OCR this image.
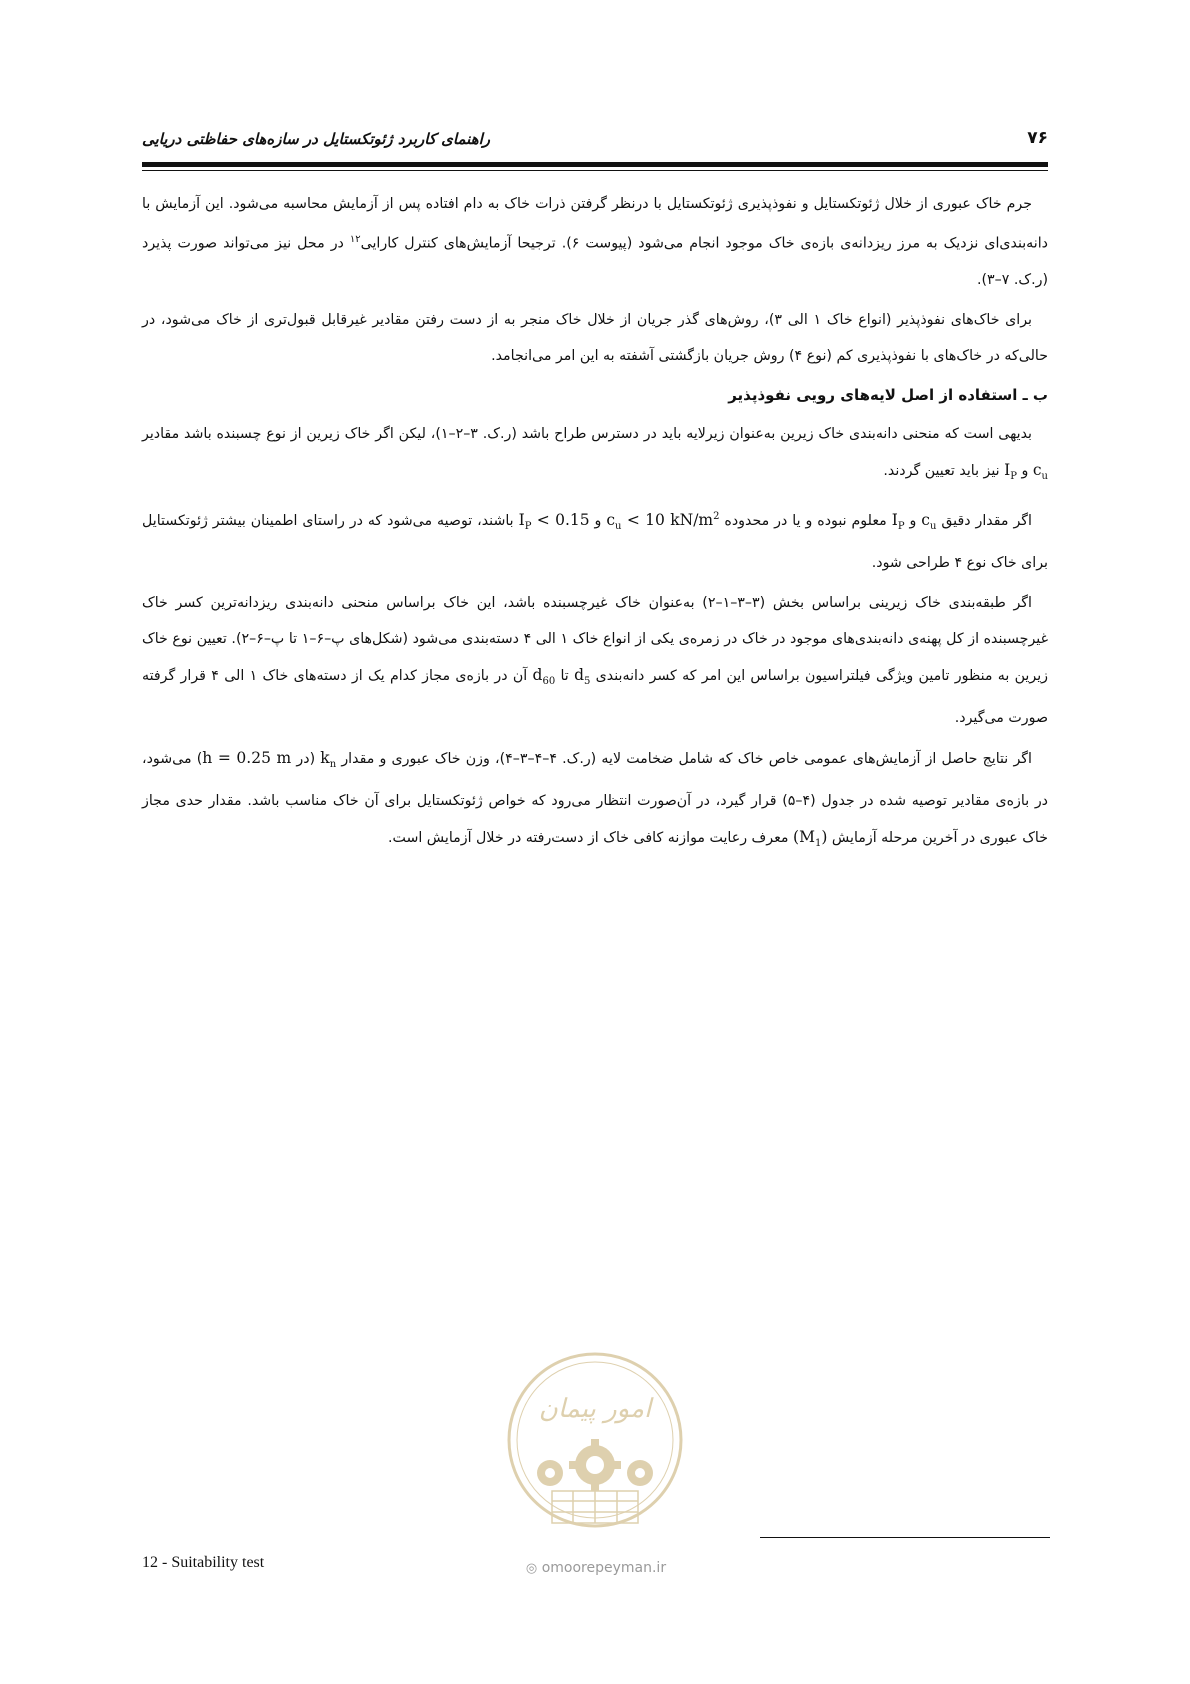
۷۶
راهنمای کاربرد ژئوتکستایل در سازه‌های حفاظتی دریایی

جرم خاک عبوری از خلال ژئوتکستایل و نفوذپذیری ژئوتکستایل با درنظر گرفتن ذرات خاک به دام افتاده پس از آزمایش محاسبه می‌شود. این آزمایش با دانه‌بندی‌ای نزدیک به مرز ریزدانه‌ی بازه‌ی خاک موجود انجام می‌شود (پیوست ۶). ترجیحا آزمایش‌های کنترل کارایی$^{۱۲}$ در محل نیز می‌تواند صورت پذیرد (ر.ک. ۷–۳).

برای خاک‌های نفوذپذیر (انواع خاک ۱ الی ۳)، روش‌های گذر جریان از خلال خاک منجر به از دست رفتن مقادیر غیرقابل قبول‌تری از خاک می‌شود، در حالی‌که در خاک‌های با نفوذپذیری کم (نوع ۴) روش جریان بازگشتی آشفته به این امر می‌انجامد.

ب ـ استفاده از اصل لایه‌های رویی نفوذپذیر

بدیهی است که منحنی دانه‌بندی خاک زیرین به‌عنوان زیرلایه باید در دسترس طراح باشد (ر.ک. ۳–۲–۱)، لیکن اگر خاک زیرین از نوع چسبنده باشد مقادیر $c_u$ و $I_P$ نیز باید تعیین گردند.

اگر مقدار دقیق $c_u$ و $I_P$ معلوم نبوده و یا در محدوده $c_u < 10$ $kN/m^2$ و $I_P < 0.15$ باشند، توصیه می‌شود که در راستای اطمینان بیشتر ژئوتکستایل برای خاک نوع ۴ طراحی شود.

اگر طبقه‌بندی خاک زیرینی براساس بخش (۳–۳–۱–۲) به‌عنوان خاک غیرچسبنده باشد، این خاک براساس منحنی دانه‌بندی ریزدانه‌ترین کسر خاک غیرچسبنده از کل پهنه‌ی دانه‌بندی‌های موجود در خاک در زمره‌ی یکی از انواع خاک ۱ الی ۴ دسته‌بندی می‌شود (شکل‌های پ–۶–۱ تا پ–۶–۲). تعیین نوع خاک زیرین به منظور تامین ویژگی فیلتراسیون براساس این امر که کسر دانه‌بندی $d_5$ تا $d_{60}$ آن در بازه‌ی مجاز کدام یک از دسته‌های خاک ۱ الی ۴ قرار گرفته صورت می‌گیرد.

اگر نتایج حاصل از آزمایش‌های عمومی خاص خاک که شامل ضخامت لایه (ر.ک. ۴–۴–۳–۴)، وزن خاک عبوری و مقدار $k_n$ (در h = 0.25 m) می‌شود، در بازه‌ی مقادیر توصیه شده در جدول (۴–۵) قرار گیرد، در آن‌صورت انتظار می‌رود که خواص ژئوتکستایل برای آن خاک مناسب باشد. مقدار حدی مجاز خاک عبوری در آخرین مرحله آزمایش $(M_1)$ معرف رعایت موازنه کافی خاک از دست‌رفته در خلال آزمایش است.

امور پیمان
◎ omoorepeyman.ir
12 - Suitability test
